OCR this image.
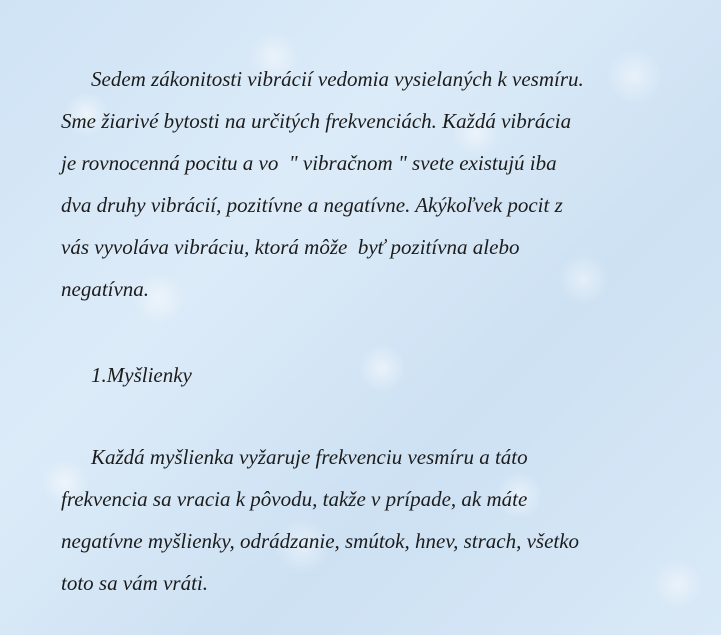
Sedem zákonitosti vibrácií vedomia vysielaných k vesmíru.
Sme žiarivé bytosti na určitých frekvenciách. Každá vibrácia
je rovnocenná pocitu a vo  " vibračnom " svete existujú iba
dva druhy vibrácií, pozitívne a negatívne. Akýkoľvek pocit z
vás vyvoláva vibráciu, ktorá môže  byť pozitívna alebo
negatívna.
1.Myšlienky
Každá myšlienka vyžaruje frekvenciu vesmíru a táto
frekvencia sa vracia k pôvodu, takže v prípade, ak máte
negatívne myšlienky, odrádzanie, smútok, hnev, strach, všetko
toto sa vám vráti.
